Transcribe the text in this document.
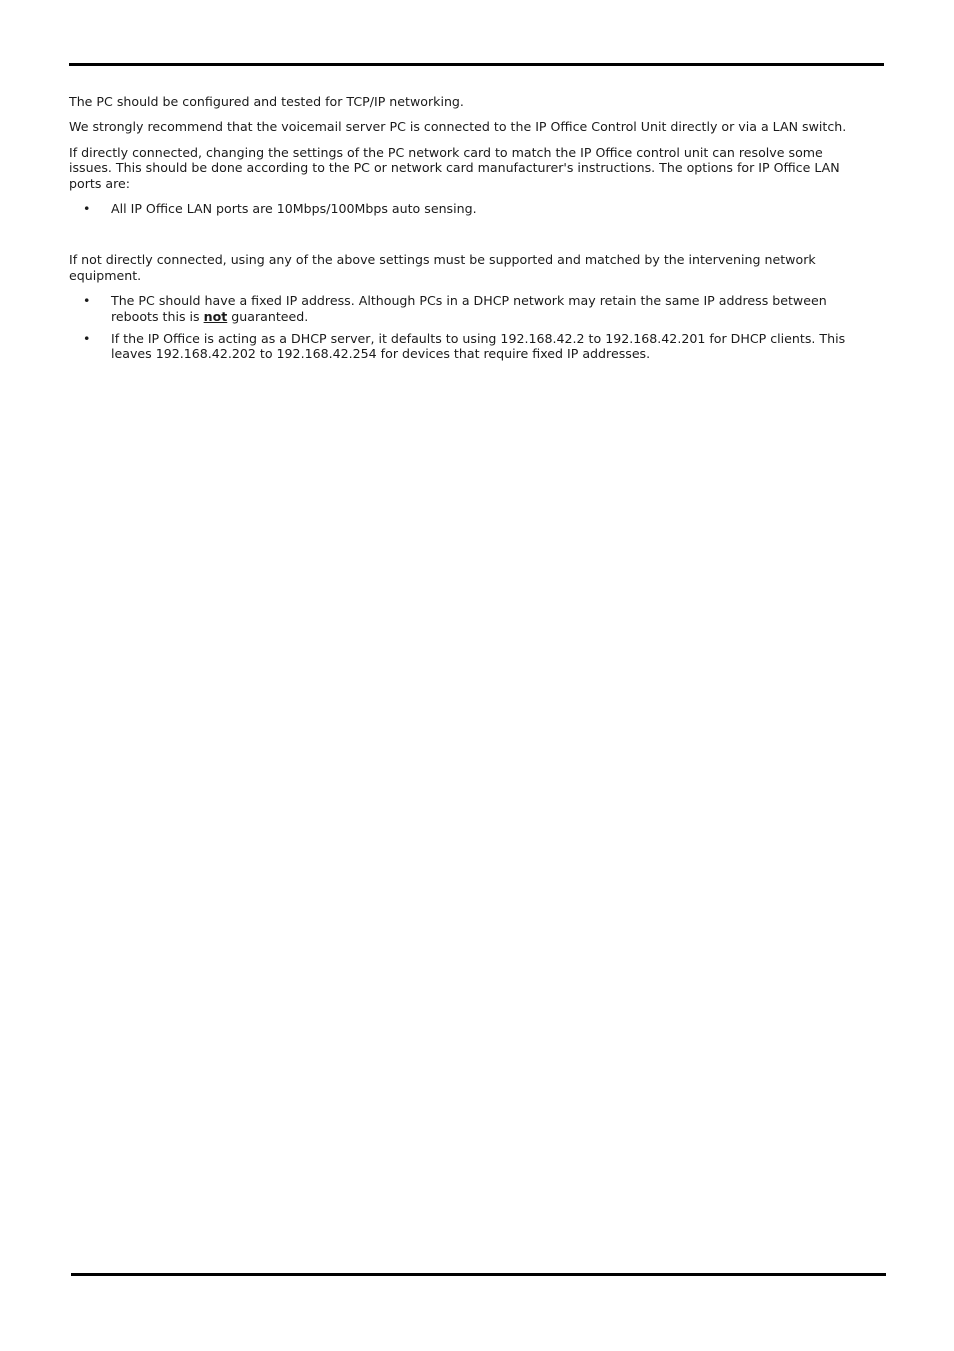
The PC should be configured and tested for TCP/IP networking.

We strongly recommend that the voicemail server PC is connected to the IP Office Control Unit directly or via a LAN switch.

If directly connected, changing the settings of the PC network card to match the IP Office control unit can resolve some issues. This should be done according to the PC or network card manufacturer's instructions. The options for IP Office LAN ports are:

• All IP Office LAN ports are 10Mbps/100Mbps auto sensing.

If not directly connected, using any of the above settings must be supported and matched by the intervening network equipment.

• The PC should have a fixed IP address. Although PCs in a DHCP network may retain the same IP address between reboots this is not guaranteed.
• If the IP Office is acting as a DHCP server, it defaults to using 192.168.42.2 to 192.168.42.201 for DHCP clients. This leaves 192.168.42.202 to 192.168.42.254 for devices that require fixed IP addresses.
